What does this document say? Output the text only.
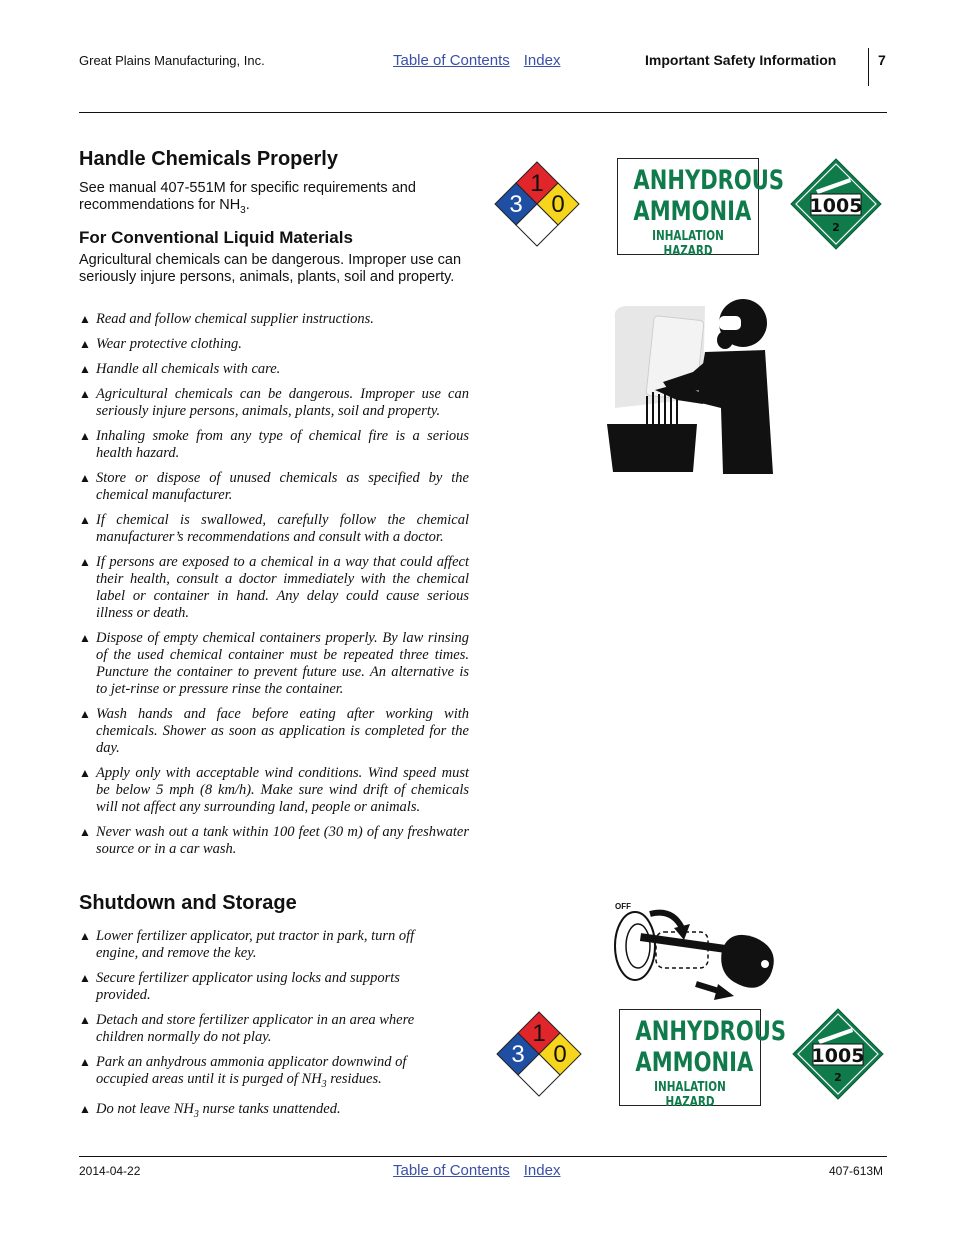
Great Plains Manufacturing, Inc.	Table of Contents Index	Important Safety Information	7
Handle Chemicals Properly
See manual 407-551M for specific requirements and recommendations for $NH_3$.
For Conventional Liquid Materials
Agricultural chemicals can be dangerous. Improper use can seriously injure persons, animals, plants, soil and property.
▲ Read and follow chemical supplier instructions.
▲ Wear protective clothing.
▲ Handle all chemicals with care.
▲ Agricultural chemicals can be dangerous. Improper use can seriously injure persons, animals, plants, soil and property.
▲ Inhaling smoke from any type of chemical fire is a serious health hazard.
▲ Store or dispose of unused chemicals as specified by the chemical manufacturer.
▲ If chemical is swallowed, carefully follow the chemical manufacturer’s recommendations and consult with a doctor.
▲ If persons are exposed to a chemical in a way that could affect their health, consult a doctor immediately with the chemical label or container in hand. Any delay could cause serious illness or death.
▲ Dispose of empty chemical containers properly. By law rinsing of the used chemical container must be repeated three times. Puncture the container to prevent future use. An alternative is to jet-rinse or pressure rinse the container.
▲ Wash hands and face before eating after working with chemicals. Shower as soon as application is completed for the day.
▲ Apply only with acceptable wind conditions. Wind speed must be below 5 mph (8 km/h). Make sure wind drift of chemicals will not affect any surrounding land, people or animals.
▲ Never wash out a tank within 100 feet (30 m) of any freshwater source or in a car wash.
Shutdown and Storage
▲ Lower fertilizer applicator, put tractor in park, turn off engine, and remove the key.
▲ Secure fertilizer applicator using locks and supports provided.
▲ Detach and store fertilizer applicator in an area where children normally do not play.
▲ Park an anhydrous ammonia applicator downwind of occupied areas until it is purged of $NH_3$ residues.
▲ Do not leave $NH_3$ nurse tanks unattended.
1
3 0
ANHYDROUS
AMMONIA
INHALATION HAZARD
1005
2
OFF
1
3 0
ANHYDROUS
AMMONIA
INHALATION HAZARD
1005
2
2014-04-22	Table of Contents Index	407-613M
